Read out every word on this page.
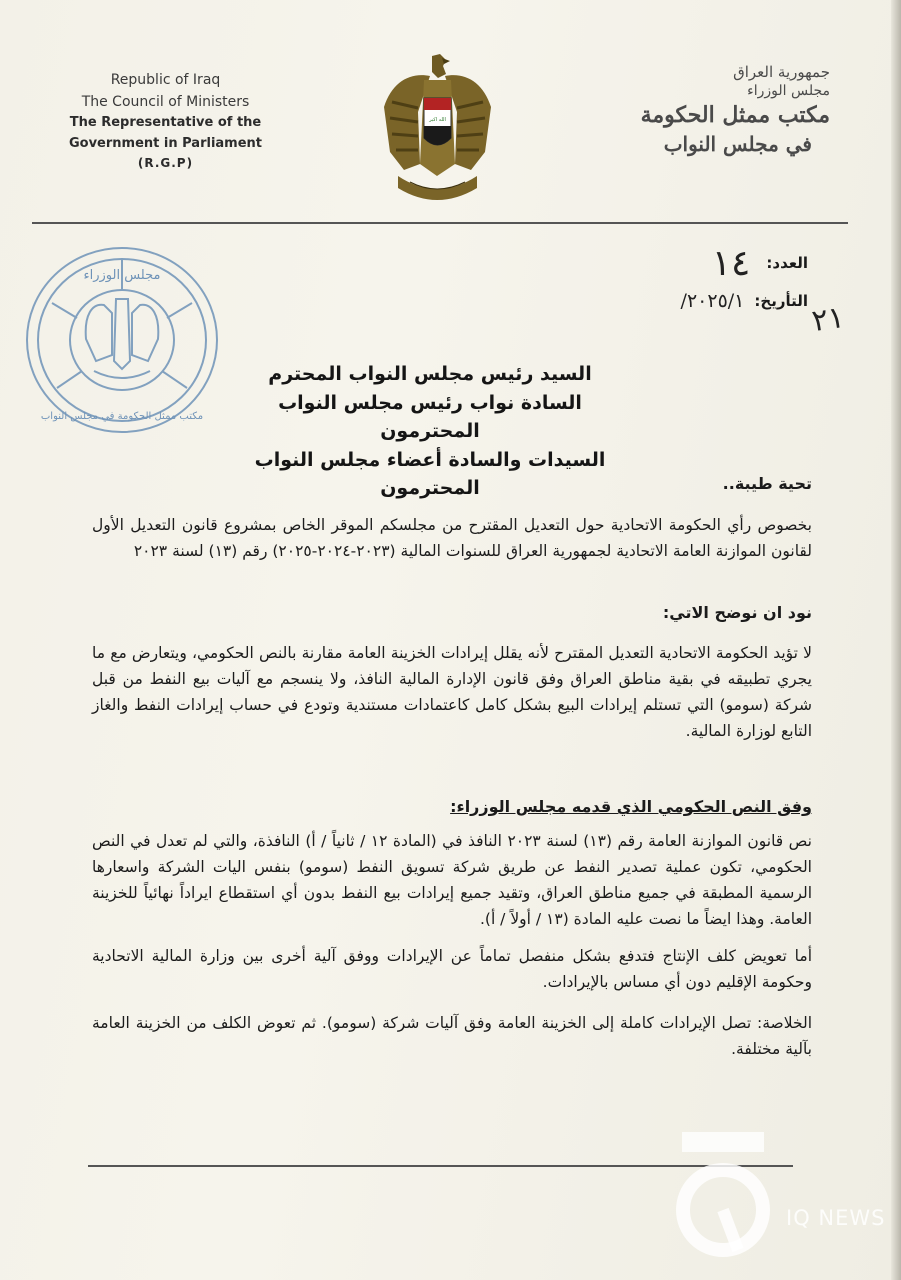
Republic of Iraq
The Council of Ministers
The Representative of the
Government in Parliament
(R.G.P)
الله اكبر
جمهورية العراق
مجلس الوزراء
مكتب ممثل الحكومة
في مجلس النواب
مجلس الوزراء
مكتب ممثل الحكومة في مجلس النواب
العدد:
١٤
التأريخ:
٢٠٢٥/١/ ٢١
السيد رئيس مجلس النواب المحترم
السادة نواب رئيس مجلس النواب المحترمون
السيدات والسادة أعضاء مجلس النواب المحترمون	تحية طيبة..
بخصوص رأي الحكومة الاتحادية حول التعديل المقترح من مجلسكم الموقر الخاص بمشروع قانون التعديل الأول لقانون الموازنة العامة الاتحادية لجمهورية العراق للسنوات المالية (٢٠٢٣-٢٠٢٤-٢٠٢٥) رقم (١٣) لسنة ٢٠٢٣
نود ان نوضح الاتي:
لا تؤيد الحكومة الاتحادية التعديل المقترح لأنه يقلل إيرادات الخزينة العامة مقارنة بالنص الحكومي، ويتعارض مع ما يجري تطبيقه في بقية مناطق العراق وفق قانون الإدارة المالية النافذ، ولا ينسجم مع آليات بيع النفط من قبل شركة (سومو) التي تستلم إيرادات البيع بشكل كامل كاعتمادات مستندية وتودع في حساب إيرادات النفط والغاز التابع لوزارة المالية.
وفق النص الحكومي الذي قدمه مجلس الوزراء:
نص قانون الموازنة العامة رقم (١٣) لسنة ٢٠٢٣ النافذ في (المادة ١٢ / ثانياً / أ) النافذة، والتي لم تعدل في النص الحكومي، تكون عملية تصدير النفط عن طريق شركة تسويق النفط (سومو) بنفس اليات الشركة واسعارها الرسمية المطبقة في جميع مناطق العراق، وتقيد جميع إيرادات بيع النفط بدون أي استقطاع ايراداً نهائياً للخزينة العامة. وهذا ايضاً ما نصت عليه المادة (١٣ / أولاً / أ).
أما تعويض كلف الإنتاج فتدفع بشكل منفصل تماماً عن الإيرادات ووفق آلية أخرى بين وزارة المالية الاتحادية وحكومة الإقليم دون أي مساس بالإيرادات.
الخلاصة: تصل الإيرادات كاملة إلى الخزينة العامة وفق آليات شركة (سومو). ثم تعوض الكلف من الخزينة العامة بآلية مختلفة.
IQ NEWS
